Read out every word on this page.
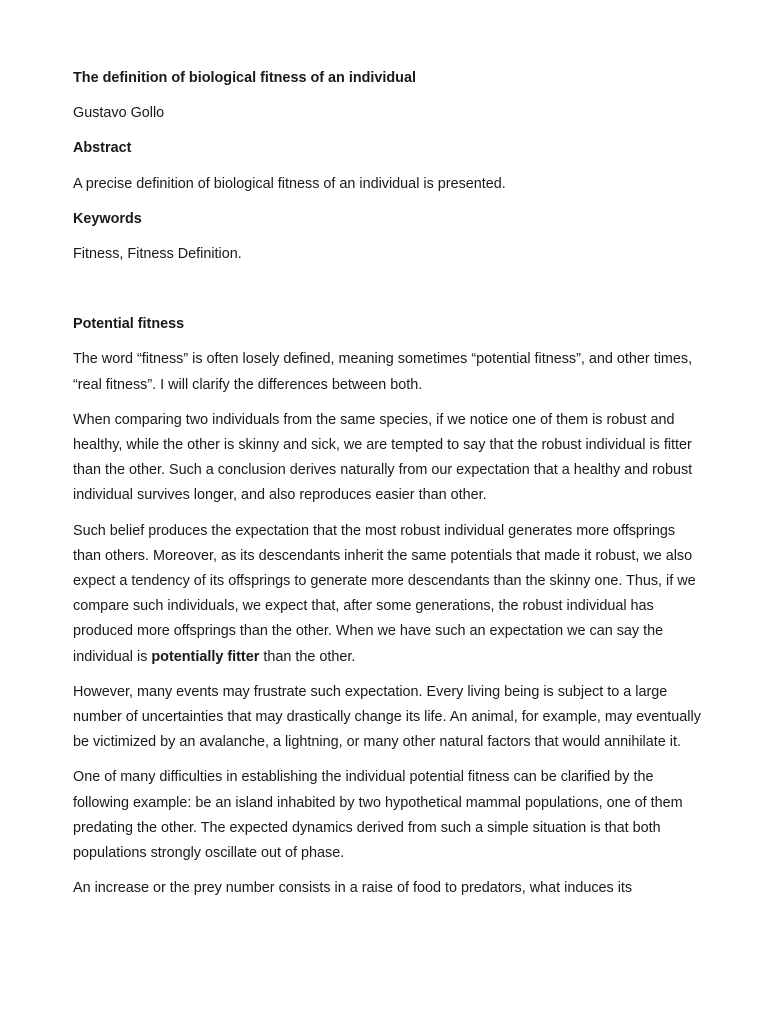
The definition of biological fitness of an individual

Gustavo Gollo

Abstract

A precise definition of biological fitness of an individual is presented.

Keywords

Fitness, Fitness Definition.

Potential fitness

The word “fitness” is often losely defined, meaning sometimes “potential fitness”, and other times, “real fitness”. I will clarify the differences between both.

When comparing two individuals from the same species, if we notice one of them is robust and healthy, while the other is skinny and sick, we are tempted to say that the robust individual is fitter than the other. Such a conclusion derives naturally from our expectation that a healthy and robust individual survives longer, and also reproduces easier than other.

Such belief produces the expectation that the most robust individual generates more offsprings than others. Moreover, as its descendants inherit the same potentials that made it robust, we also expect a tendency of its offsprings to generate more descendants than the skinny one. Thus, if we compare such individuals, we expect that, after some generations, the robust individual has produced more offsprings than the other. When we have such an expectation we can say the individual is potentially fitter than the other.

However, many events may frustrate such expectation. Every living being is subject to a large number of uncertainties that may drastically change its life. An animal, for example, may eventually be victimized by an avalanche, a lightning, or many other natural factors that would annihilate it.

One of many difficulties in establishing the individual potential fitness can be clarified by the following example: be an island inhabited by two hypothetical mammal populations, one of them predating the other. The expected dynamics derived from such a simple situation is that both populations strongly oscillate out of phase.

An increase or the prey number consists in a raise of food to predators, what induces its
